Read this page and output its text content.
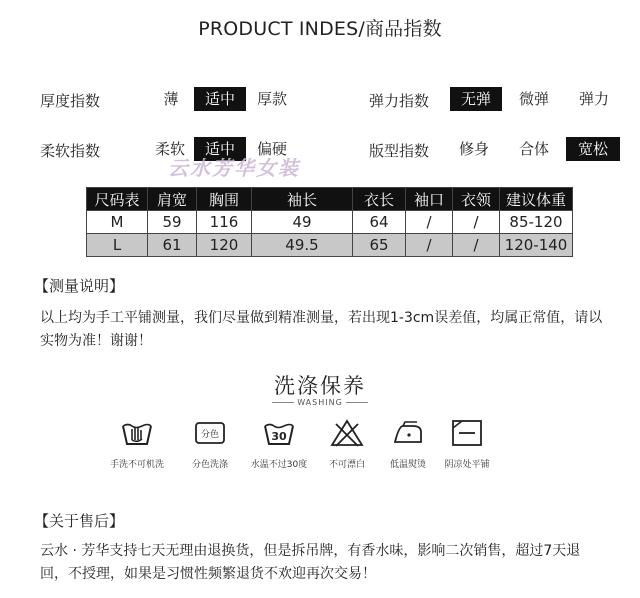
PRODUCT INDES/商品指数
厚度指数	薄	适中	厚款	弹力指数	无弹	微弹	弹力
柔软指数	柔软	适中	偏硬	版型指数	修身	合体	宽松
云水芳华女装
尺码表	肩宽	胸围	袖长	衣长	袖口	衣领	建议体重
M	59	116	49	64	/	/	85-120
L	61	120	49.5	65	/	/	120-140
【测量说明】
以上均为手工平铺测量，我们尽量做到精准测量，若出现1-3cm误差值，均属正常值，请以
实物为准！谢谢！
洗涤保养
WASHING
手洗不可机洗
分色
分色洗涤
30
水温不过30度	不可漂白	低温熨烫	阴凉处平铺
【关于售后】
云水 · 芳华支持七天无理由退换货，但是拆吊牌，有香水味，影响二次销售，超过7天退
回，不授理，如果是习惯性频繁退货不欢迎再次交易！
